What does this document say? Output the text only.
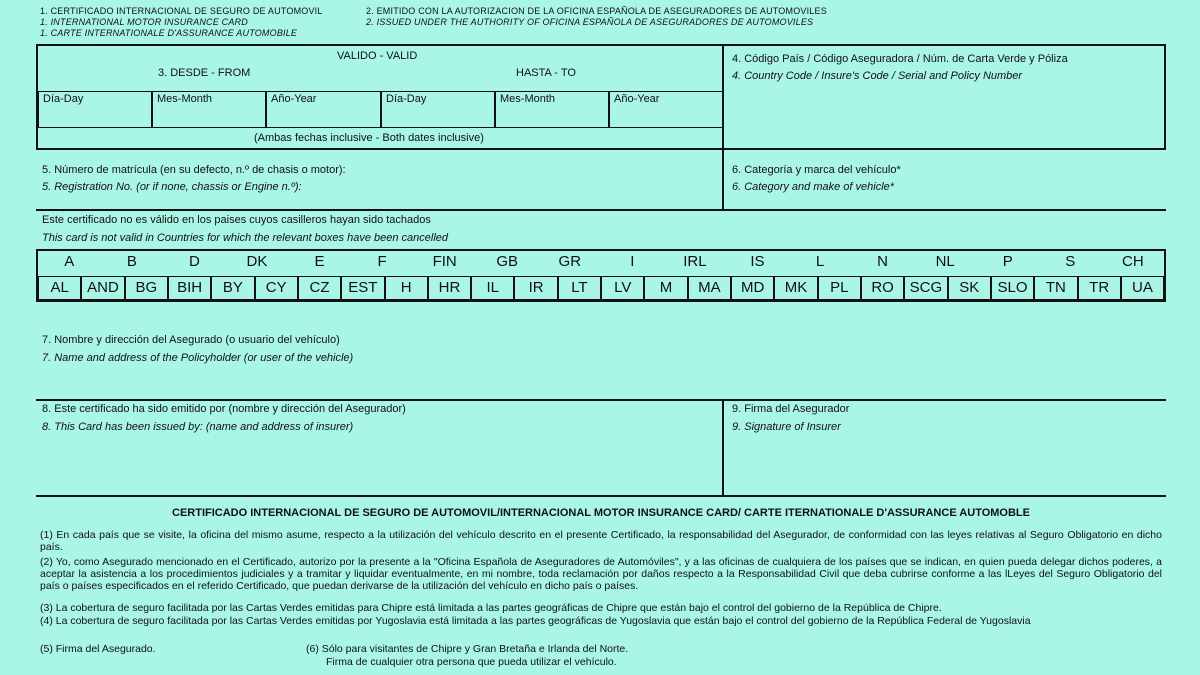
1. CERTIFICADO INTERNACIONAL DE SEGURO DE AUTOMOVIL
1. INTERNATIONAL MOTOR INSURANCE CARD
1. CARTE INTERNATIONALE D'ASSURANCE AUTOMOBILE
2. EMITIDO CON LA AUTORIZACION DE LA OFICINA ESPAÑOLA DE ASEGURADORES DE AUTOMOVILES
2. ISSUED UNDER THE AUTHORITY OF OFICINA ESPAÑOLA DE ASEGURADORES DE AUTOMOVILES
VALIDO - VALID
3. DESDE - FROM	HASTA - TO
Día-Day	Mes-Month	Año-Year	Día-Day	Mes-Month	Año-Year
(Ambas fechas inclusive - Both dates inclusive)
4. Código País / Código Aseguradora / Núm. de Carta Verde y Póliza
4. Country Code / Insure's Code / Serial and Policy Number
5. Número de matrícula (en su defecto, n.º de chasis o motor):
5. Registration No. (or if none, chassis or Engine n.º):
6. Categoría y marca del vehículo*
6. Category and make of vehicle*
Este certificado no es válido en los paises cuyos casilleros hayan sido tachados
This card is not valid in Countries for which the relevant boxes have been cancelled
A	B	D	DK	E	F	FIN	GB	GR	I	IRL	IS	L	N	NL	P	S	CH
AL	AND	BG	BIH	BY	CY	CZ	EST	H	HR	IL	IR	LT	LV	M	MA	MD	MK	PL	RO	SCG	SK	SLO	TN	TR	UA
7. Nombre y dirección del Asegurado (o usuario del vehículo)
7. Name and address of the Policyholder (or user of the vehicle)
8. Este certificado ha sido emitido por (nombre y dirección del Asegurador)
8. This Card has been issued by: (name and address of insurer)
9. Firma del Asegurador
9. Signature of Insurer
CERTIFICADO INTERNACIONAL DE SEGURO DE AUTOMOVIL/INTERNACIONAL MOTOR INSURANCE CARD/ CARTE ITERNATIONALE D'ASSURANCE AUTOMOBLE
(1) En cada país que se visite, la oficina del mismo asume, respecto a la utilización del vehículo descrito en el presente Certificado, la responsabilidad del Asegurador, de conformidad con las leyes relativas al Seguro Obligatorio en dicho país.
(2) Yo, como Asegurado mencionado en el Certificado, autorizo por la presente a la "Oficina Española de Aseguradores de Automóviles", y a las oficinas de cualquiera de los países que se indican, en quien pueda delegar dichos poderes, a aceptar la asistencia a los procedimientos judiciales y a tramitar y liquidar eventualmente, en mi nombre, toda reclamación por daños respecto a la Responsabilidad Civil que deba cubrirse conforme a las lLeyes del Seguro Obligatorio del país o países especificados en el referido Certificado, que puedan derivarse de la utilización del vehículo en dicho país o países.
(3) La cobertura de seguro facilitada por las Cartas Verdes emitidas para Chipre está limitada a las partes geográficas de Chipre que están bajo el control del gobierno de la República de Chipre.
(4) La cobertura de seguro facilitada por las Cartas Verdes emitidas por Yugoslavia está limitada a las partes geográficas de Yugoslavia que están bajo el control del gobierno de la República Federal de Yugoslavia
(5) Firma del Asegurado.	(6) Sólo para visitantes de Chipre y Gran Bretaña e Irlanda del Norte.
Firma de cualquier otra persona que pueda utilizar el vehículo.
